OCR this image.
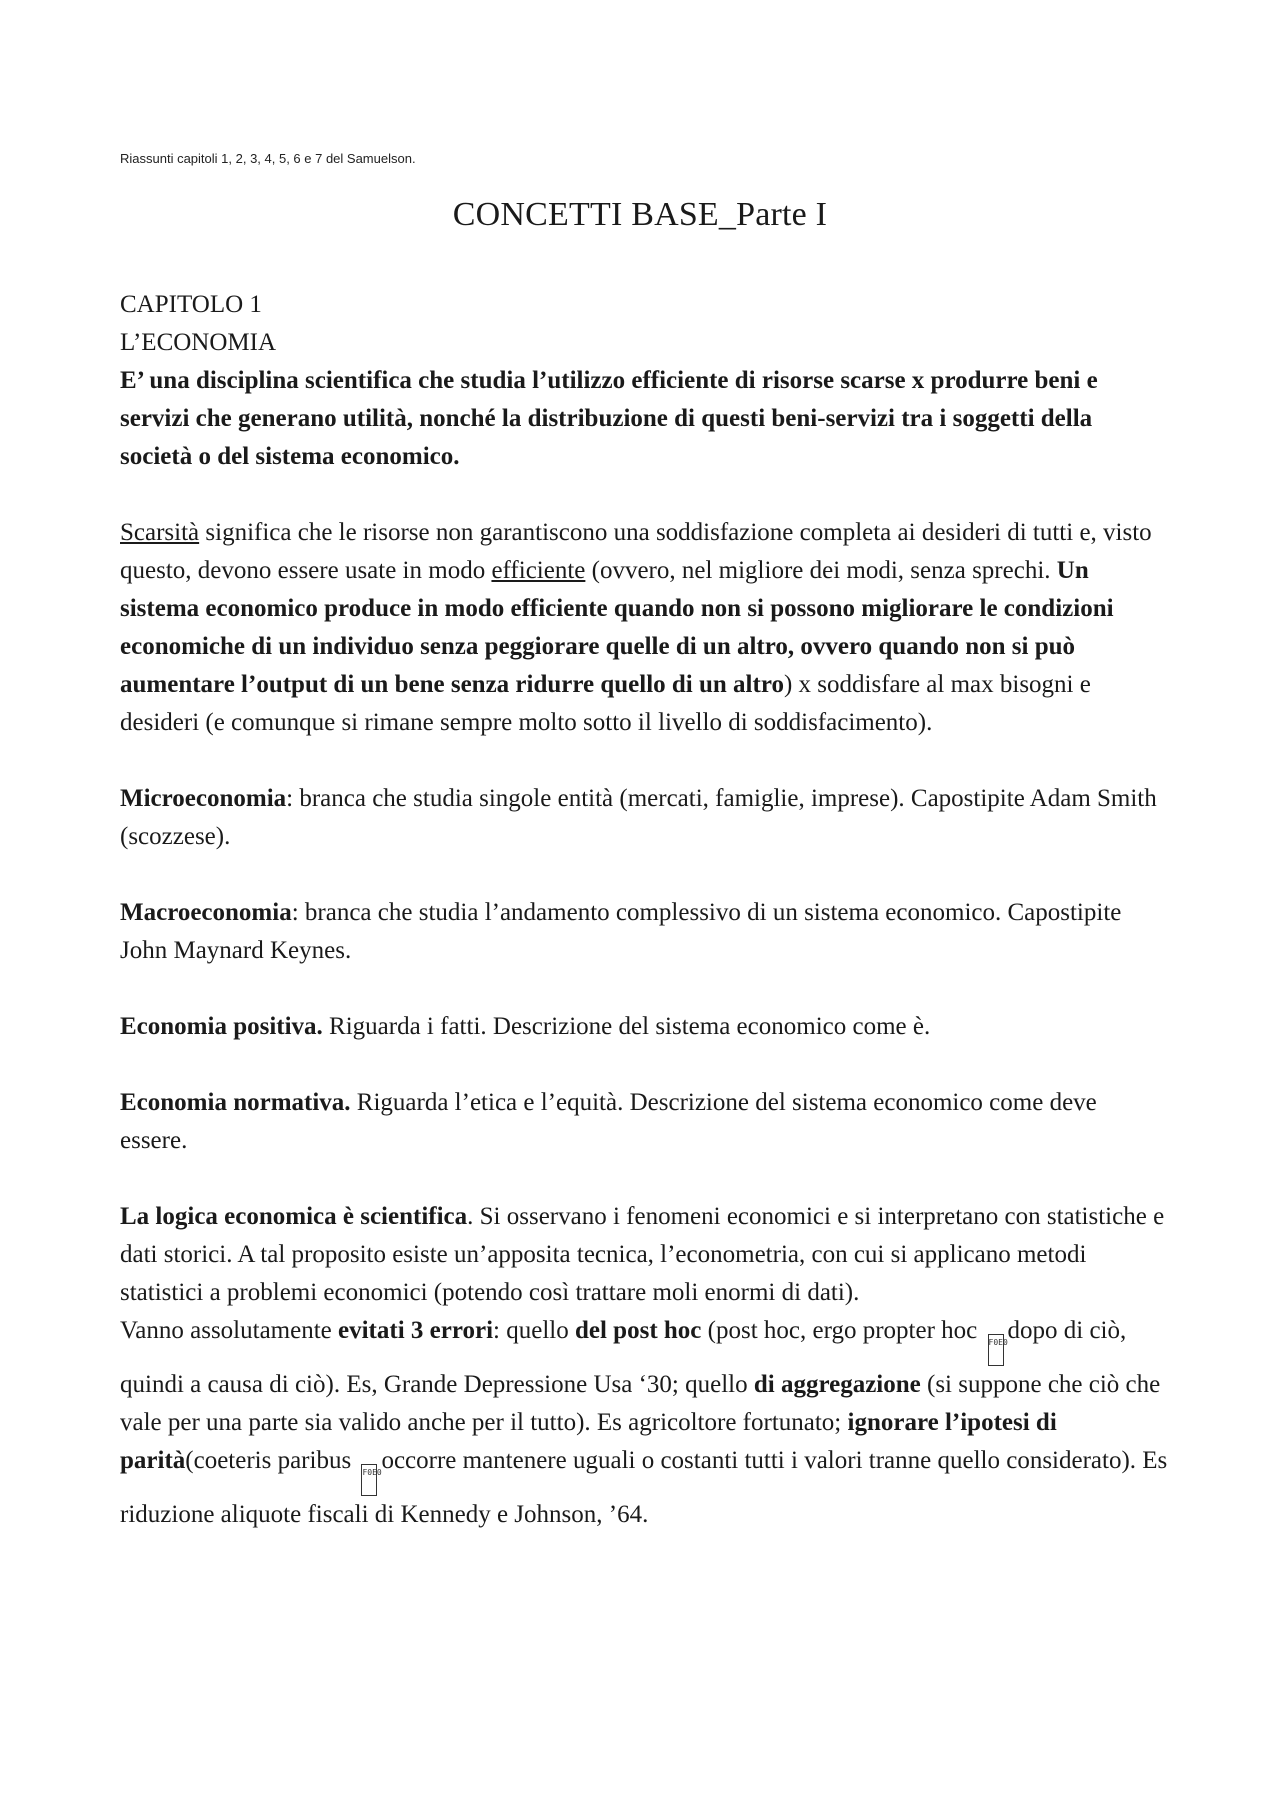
Riassunti capitoli 1, 2, 3, 4, 5, 6 e 7 del Samuelson.
CONCETTI BASE_Parte I

CAPITOLO 1

L’ECONOMIA

E’ una disciplina scientifica che studia l’utilizzo efficiente di risorse scarse x produrre beni e servizi che generano utilità, nonché la distribuzione di questi beni-servizi tra i soggetti della società o del sistema economico.

Scarsità significa che le risorse non garantiscono una soddisfazione completa ai desideri di tutti e, visto questo, devono essere usate in modo efficiente (ovvero, nel migliore dei modi, senza sprechi. Un sistema economico produce in modo efficiente quando non si possono migliorare le condizioni economiche di un individuo senza peggiorare quelle di un altro, ovvero quando non si può aumentare l’output di un bene senza ridurre quello di un altro) x soddisfare al max bisogni e desideri (e comunque si rimane sempre molto sotto il livello di soddisfacimento).

Microeconomia: branca che studia singole entità (mercati, famiglie, imprese). Capostipite Adam Smith (scozzese).

Macroeconomia: branca che studia l’andamento complessivo di un sistema economico. Capostipite John Maynard Keynes.

Economia positiva. Riguarda i fatti. Descrizione del sistema economico come è.

Economia normativa. Riguarda l’etica e l’equità. Descrizione del sistema economico come deve essere.

La logica economica è scientifica. Si osservano i fenomeni economici e si interpretano con statistiche e dati storici. A tal proposito esiste un’apposita tecnica, l’econometria, con cui si applicano metodi statistici a problemi economici (potendo così trattare moli enormi di dati).

Vanno assolutamente evitati 3 errori: quello del post hoc (post hoc, ergo propter hoc F0E0dopo di ciò, quindi a causa di ciò). Es, Grande Depressione Usa ‘30; quello di aggregazione (si suppone che ciò che vale per una parte sia valido anche per il tutto). Es agricoltore fortunato; ignorare l’ipotesi di parità(coeteris paribus F0E0occorre mantenere uguali o costanti tutti i valori tranne quello considerato). Es riduzione aliquote fiscali di Kennedy e Johnson, ’64.
